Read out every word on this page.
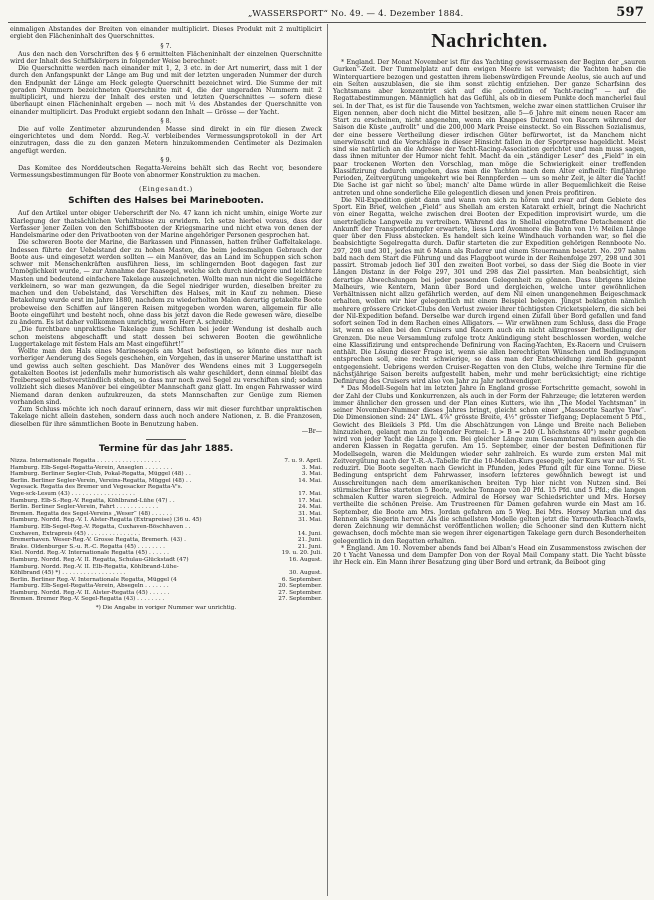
„WASSERSPORT“ No. 49. — 4. Dezember 1884.	597

einmaligen Abstandes der Breiten von einander multiplicirt. Dieses Produkt mit 2 multiplicirt ergiebt den Flächeninhalt des Querschnittes.

§ 7.

Aus den nach den Vorschriften des § 6 ermittelten Flächeninhalt der einzelnen Querschnitte wird der Inhalt des Schiffskörpers in folgender Weise berechnet:

Die Querschnitte werden nach einander mit 1, 2, 3 etc. in der Art numerirt, dass mit 1 der durch den Anfangspunkt der Länge am Bug und mit der letzten ungeraden Nummer der durch den Endpunkt der Länge am Heck gelegte Querschnitt bezeichnet wird. Die Summe der mit geraden Nummern bezeichneten Querschnitte mit 4, die der ungeraden Nummern mit 2 multiplicirt, und hierzu der Inhalt des ersten und letzten Querschnittes — sofern diese überhaupt einen Flächeninhalt ergeben — noch mit ¼ des Abstandes der Querschnitte von einander multiplicirt. Das Produkt ergiebt sodann den Inhalt — Grösse — der Yacht.

§ 8.

Die auf volle Zentimeter abzurundenden Masse sind direkt in ein für diesen Zweck eingerichtetes und dem Nordd. Reg.-V. verbleibendes Vermessungsprotokoll in der Art einzutragen, dass die zu den ganzen Metern hinzukommenden Centimeter als Dezimalen angefügt werden.

§ 9.

Das Komitee des Norddeutschen Regatta-Vereins behält sich das Recht vor, besondere Vermessungsbestimmungen für Boote von abnormer Konstruktion zu machen.

(Eingesandt.)
Schiften des Halses bei Marinebooten.

Auf den Artikel unter obiger Ueberschrift der No. 47 kann ich nicht umhin, einige Worte zur Klarlegung der thatsächlichen Verhältnisse zu erwidern. Ich setze hierbei voraus, dass der Verfasser jener Zeilen von den Schiffsbooten der Kriegsmarine und nicht etwa von denen der Handelsmarine oder den Privatbooten von der Marine angehöriger Personen gesprochen hat.

Die schweren Boote der Marine, die Barkassen und Pinnassen, hatten früher Gaffeltakelage. Indessen führte der Uebelstand der zu hohen Masten, die beim jedesmaligen Gebrauch der Boote aus- und eingesetzt werden sollten — ein Manöver, das an Land im Schuppen sich schon schwer mit Menschenkräften ausführen liess, im schlingernden Boot dagegen fast zur Unmöglichkeit wurde, — zur Annahme der Raasegel, welche sich durch niedrigere und leichtere Masten und bedeutend einfachere Takelage auszeichneten. Wollte man nun nicht die Segelfläche verkleinern, so war man gezwungen, da die Segel niedriger wurden, dieselben breiter zu machen und den Uebelstand, das Verschiften des Halses, mit in Kauf zu nehmen. Diese Betakelung wurde erst im Jahre 1880, nachdem zu wiederholten Malen derartig getakelte Boote probeweise den Schiffen auf längeren Reisen mitgegeben worden waren, allgemein für alle Boote eingeführt und besteht noch, ohne dass bis jetzt davon die Rede gewesen wäre, dieselbe zu ändern. Es ist daher vollkommen unrichtig, wenn Herr A. schreibt:

„Die furchtbare unpraktische Takelage zum Schiften bei jeder Wendung ist deshalb auch schon meistens abgeschafft und statt dessen bei schweren Booten die gewöhnliche Luggertakelage mit festem Hals am Mast eingeführt!“

Wollte man den Hals eines Marinesegels am Mast befestigen, so könnte dies nur nach vorheriger Aenderung des Segels geschehen, ein Vorgehen, das in unserer Marine unstatthaft ist und gewiss auch selten geschieht. Das Manöver des Wendens eines mit 3 Luggersegeln getakelten Bootes ist jedenfalls mehr humoristisch als wahr geschildert, denn einmal bleibt das Treibersegel selbstverständlich stehen, so dass nur noch zwei Segel zu verschiften sind; sodann vollzieht sich dieses Manöver bei eingeübter Mannschaft ganz glatt. Im engen Fahrwasser wird Niemand daran denken aufzukreuzen, da stets Mannschaften zur Genüge zum Riemen vorhanden sind.

Zum Schluss möchte ich noch darauf erinnern, dass wir mit dieser furchtbar unpraktischen Takelage nicht allein dastehen, sondern dass auch noch andere Nationen, z. B. die Franzosen, dieselben für ihre sämmtlichen Boote in Benutzung haben.

—Br—
Termine für das Jahr 1885.
Nizza. Internationale Regatta . . . . . . . . . . . . . . . . . .	7. u. 9. April.
Hamburg. Elb-Segel-Regatta-Verein, Anseglen . . . . . . . .	3. Mai.
Hamburg. Berliner Segler-Club, Pokal-Regatta, Müggel (48) . .	3. Mai.
Berlin. Berliner Segler-Verein, Vereins-Regatta, Müggel (48) . .	14. Mai.
Vegesack. Regatta des Bremer und Vegesacker Regatta-V's.
Vege-sck-Lesum (43) . . . . . . . . . . . . . . . . . .	17. Mai.
Hamburg. Elb-S.-Reg.-V. Regatta, Köhlbrand-Lühe (47) . .	17. Mai.
Berlin. Berliner Segler-Verein, Fahrt . . . . . . . . . . . .	24. Mai.
Bremen. Regatta des Segel-Vereins „Weser“ (48) . . . . . .	31. Mai.
Hamburg. Nordd. Reg.-V. I. Alster-Regatta (Extrapreise) (36 u. 45)	31. Mai.
Hamburg. Elb-Segel-Reg.-V. Regatta, Cuxhaven-Böschhaven . .
Cuxhaven, Extrapreis (45) . . . . . . . . . . . . . . .	14. Juni.
Bremerhaven. Weser-Reg.-V. Grosse Regatta, Bremerh. (43) .	21. Juni.
Brake. Oldenburger S.-u. R.-C. Regatta (45) . . . . . . . .	21. Juni.
Kiel. Nordd. Reg.-V. Internationale Regatta (45) . . . . . .	19. u. 20. Juli.
Hamburg. Nordd. Reg.-V. II. Regatta, Schulau-Glückstadt (47)	16. August.
Hamburg. Nordd. Reg.-V. II. Elb-Regatta, Köhlbrand-Lühe-
Köhlbrand (45) *) . . . . . . . . . . . . . . . . . .	30. August.
Berlin. Berliner Reg.-V. Internationale Regatta, Müggel (4	6. September.
Hamburg. Elb-Segel-Regatta-Verein, Absegeln . . . . . . .	20. September.
Hamburg. Nordd. Reg.-V. II. Alster-Regatta (45) . . . . . .	27. September.
Bremen. Bremer Reg.-V. Segel-Regatta (43) . . . . . . . .	27. September.
*) Die Angabe in voriger Nummer war unrichtig.
Nachrichten.

* England. Der Monat November ist für das Yachting gewissermassen der Beginn der „sauren Gurken“-Zeit. Der Tummelplatz auf dem ewigen Meere ist verwaist; die Yachten haben die Winterquartiere bezogen und gestatten ihrem liebenswürdigen Freunde Aeolus, sie auch auf und ein Seiten auszublasen, die sie ihm sonst züchtig entziehen. Der ganze Scharfsinn des Yachtsmans aber konzentrirt sich auf die „condition of Yacht-racing“ — auf die Regattabestimmungen. Männiglich hat das Gefühl, als ob in diesem Punkte doch mancherlei faul sei. In der That, es ist für die Tausende von Yachtsmen, welche zwar einen stattlichen Cruiser ihr Eigen nennen, aber doch nicht die Mittel besitzen, alle 5—6 Jahre mit einem neuen Racer am Start zu erscheinen, nicht angenehm, wenn ein Knappes Dutzend von Racern während der Saison die Küste „aufrollt“ und die 200,000 Mark Preise einsteckt. So ein Bisschen Sozialismus, der eine bessere Vertheilung dieser irdischen Güter befürwortet, ist da Manchem nicht unerwünscht und die Vorschläge in dieser Hinsicht fallen in der Sportpresse hageldicht. Meist sind sie natürlich an die Adresse der Yacht-Racing-Association gerichtet und man muss sagen, dass ihnen mitunter der Humor nicht fehlt. Macht da ein „ständiger Leser“ des „Field“ in ein paar trockenen Worten den Vorschlag, man möge die Schwierigkeit einer treffenden Klassifizirung dadurch umgehen, dass man die Yachten nach dem Alter einfheilt: fünfjährige Perioden, Zeitvergütung umgekehrt wie bei Rennpferden — um so mehr Zeit, je älter die Yacht! Die Sache ist gar nicht so übel; manch' alte Dame würde in aller Bequemlichkeit die Reise antreten und ohne sonderliche Eile gelegentlich diesen und jenen Preis profitiren.

Die Nil-Expedition giebt dann und wann von sich zu hören und zwar auf dem Gebiete des Sport. Ein Brief, welchen „Field“ aus Shellah am ersten Katarakt erhielt, bringt die Nachricht von einer Regatta, welche zwischen drei Booten der Expedition improvisirt wurde, um die unerträgliche Langweile zu vertreiben. Während das in Shellal eingetroffene Detachement die Ankunft der Transportdampfer erwartete, liess Lord Avonmore die Bahn von 1½ Meilen Länge quer über den Fluss abstecken. Es handelt sich keine Windhauch vorhanden war, so fiel die beabsichtigte Segelregatta durch. Dafür starteten die zur Expedition gehörigen Rennboote No. 297, 298 und 301, jedes mit 6 Mann als Ruderer und einem Steuermann besetzt. No. 297 nahm bald nach dem Start die Führung und das Flaggboot wurde in der Reihenfolge 297, 298 und 301 passirt. Stromab jedoch lief 301 den zweiten Boot vorbei, so dass der Sieg die Boote in vier Längen Distanz in der Folge 297, 301 und 298 das Ziel passirten. Man beabsichtigt, sich derartige Abwechslungen bei jeder passenden Gelegenheit zu gönnen. Dass übrigens kleine Malheurs, wie Kentern, Mann über Bord und dergleichen, welche unter gewöhnlichen Verhältnissen nicht allzu gefährlich werden, auf dem Nil einen unangenehmen Beigeschmack erhalten, wollen wir hier gelegentlich mit einem Beispiel belegen. Jüngst beklagten nämlich mehrere grössere Cricket-Clubs den Verlust zweier ihrer tüchtigsten Cricketspielern, die sich bei der Nil-Expedition befand. Derselbe war durch irgend einen Zufall über Bord gefallen und fand sofort seinen Tod in dem Rachen eines Alligators. — Wir erwähnen zum Schluss, dass die Frage ist, wenn es allen bei den Cruisers und Racern auch ein nicht allzugrosser Betheiligung der Grenzen. Die neue Versammlung zufolge trotz Ankündigung steht beschlossen worden, welche eine Klassifizirung und entsprechende Definirung von Racing-Yachten, Ex-Racern und Cruisern enthält. Die Lösung dieser Frage ist, wenn sie allen berechtigten Wünschen und Bedingungen entsprechen soll, eine recht schwierige, so dass man der Entscheidung ziemlich gespannt entgegensieht. Uebrigens werden Cruiser-Regatten von den Clubs, welche ihre Termine für die nächstjährige Saison bereits aufgestellt haben, mehr und mehr berücksichtigt; eine richtige Definirung des Cruisers wird also von Jahr zu Jahr nothwendiger.

* Das Modell-Segeln hat im letzten Jahre in England grosse Fortschritte gemacht, sowohl in der Zahl der Clubs und Konkurrenzen, als auch in der Form der Fahrzeuge; die letzteren werden immer ähnlicher den grossen und der Plan eines Kutters, wie ihn „The Model Yachtsman“ in seiner November-Nummer dieses Jahres bringt, gleicht schon einer „Masscotte Saarlye Yaw“. Die Dimensionen sind: 24" LWL. 4⅞" grösste Breite, 4½" grösster Tiefgang; Deplacement 5 Pfd., Gewicht des Bleikiels 3 Pfd. Um die Abschätzungen von Länge und Breite nach Belieben hinzuziehen, gelangt man zu folgender Formel: L > B = 240 (L höchstens 40") mehr gegeben wird von jeder Yacht die Länge 1 cm. Bei gleicher Länge zum Gesammtareal müssen auch die anderen Klassen in Regatta gerufen. Am 15. September, einer der besten Definitionen für Modellsegeln, waren die Meldungen wieder sehr zahlreich. Es wurde zum ersten Mal mit Zeitvergütung nach der Y.-R.-A.-Tabelle für die 10-Meilen-Kurs gesegelt; jeder Kurs war auf ½ St. reduzirt. Die Boote segelten nach Gewicht in Pfunden, jedes Pfund gilt für eine Tonne. Diese Bedingung entspricht dem Fahrwasser, insofern letzteres gewöhnlich bewegt ist und Ausschreitungen nach dem amerikanischen breiten Typ hier nicht von Nutzen sind. Bei stürmischer Brise starteten 5 Boote, welche Tonnage von 20 Pfd. 15 Pfd. und 5 Pfd.; die langen schmalen Kutter waren siegreich. Admiral de Horsey war Schiedsrichter und Mrs. Horsey vertheilte die schönen Preise. Am Trustreenen für Damen gefahren wurde ein Mast am 16. September, die Boote am Mrs. Jordan gefahren am 5 Weg. Bei Mrs. Horsey Marian und das Rennen als Siegerin hervor. Als die schnellsten Modelle gelten jetzt die Yarmouth-Beach-Yawls, deren Zeichnung wir demnächst veröffentlichen wollen; die Schooner sind den Kuttern nicht gewachsen, doch möchte man sie wegen ihrer eigenartigen Takelage gern durch Besonderheiten gelegentlich in den Regatten erhalten.

* England. Am 10. November abends fand bei Alban's Head ein Zusammenstoss zwischen der 20 t Yacht Vanessa und dem Dampfer Don von der Royal Mail Company statt. Die Yacht büsste ihr Heck ein. Ein Mann ihrer Besatzung ging über Bord und ertrank, da Beiboot ging
